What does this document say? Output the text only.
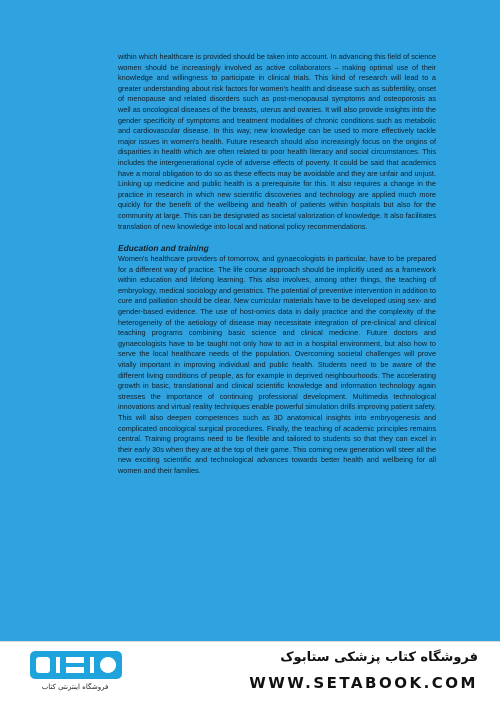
within which healthcare is provided should be taken into account. In advancing this field of science women should be increasingly involved as active collaborators – making optimal use of their knowledge and willingness to participate in clinical trials. This kind of research will lead to a greater understanding about risk factors for women's health and disease such as subfertility, onset of menopause and related disorders such as post-menopausal symptoms and osteoporosis as well as oncological diseases of the breasts, uterus and ovaries. It will also provide insights into the gender specificity of symptoms and treatment modalities of chronic conditions such as metabolic and cardiovascular disease. In this way, new knowledge can be used to more effectively tackle major issues in women's health. Future research should also increasingly focus on the origins of disparities in health which are often related to poor health literacy and social circumstances. This includes the intergenerational cycle of adverse effects of poverty. It could be said that academics have a moral obligation to do so as these effects may be avoidable and they are unfair and unjust. Linking up medicine and public health is a prerequisite for this. It also requires a change in the practice in research in which new scientific discoveries and technology are applied much more quickly for the benefit of the wellbeing and health of patients within hospitals but also for the community at large. This can be designated as societal valorization of knowledge. It also facilitates translation of new knowledge into local and national policy recommendations.

Education and training

Women's healthcare providers of tomorrow, and gynaecologists in particular, have to be prepared for a different way of practice. The life course approach should be implicitly used as a framework within education and lifelong learning. This also involves, among other things, the teaching of embryology, medical sociology and geriatrics. The potential of preventive intervention in addition to cure and palliation should be clear. New curricular materials have to be developed using sex- and gender-based evidence. The use of host-omics data in daily practice and the complexity of the heterogeneity of the aetiology of disease may necessitate integration of pre-clinical and clinical teaching programs combining basic science and clinical medicine. Future doctors and gynaecologists have to be taught not only how to act in a hospital environment, but also how to serve the local healthcare needs of the population. Overcoming societal challenges will prove vitally important in improving individual and public health. Students need to be aware of the different living conditions of people, as for example in deprived neighbourhoods. The accelerating growth in basic, translational and clinical scientific knowledge and information technology again stresses the importance of continuing professional development. Multimedia technological innovations and virtual reality techniques enable powerful simulation drills improving patient safety. This will also deepen competences such as 3D anatomical insights into embryogenesis and complicated oncological surgical procedures. Finally, the teaching of academic principles remains central. Training programs need to be flexible and tailored to students so that they can excel in their early 30s when they are at the top of their game. This coming new generation will steer all the new exciting scientific and technological advances towards better health and wellbeing for all women and their families.

فروشگاه اینترنتی کتاب
فروشگاه کتاب پزشکی ستابوک
WWW.SETABOOK.COM
